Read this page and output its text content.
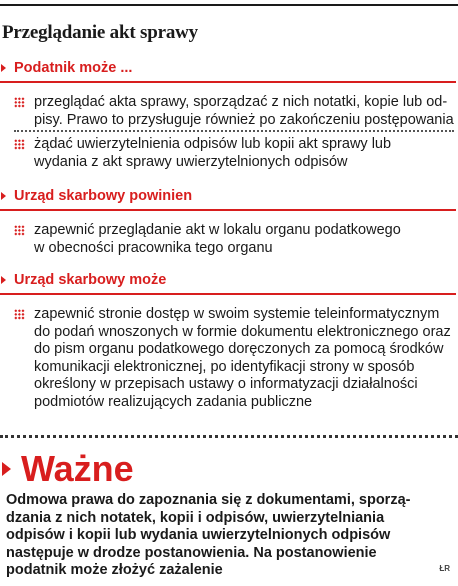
Przeglądanie akt sprawy
Podatnik może ...
przeglądać akta sprawy, sporządzać z nich notatki, kopie lub od-
pisy. Prawo to przysługuje również po zakończeniu postępowania
żądać uwierzytelnienia odpisów lub kopii akt sprawy lub
wydania z akt sprawy uwierzytelnionych odpisów
Urząd skarbowy powinien
zapewnić przeglądanie akt w lokalu organu podatkowego
w obecności pracownika tego organu
Urząd skarbowy może
zapewnić stronie dostęp w swoim systemie teleinformatycznym
do podań wnoszonych w formie dokumentu elektronicznego oraz
do pism organu podatkowego doręczonych za pomocą środków
komunikacji elektronicznej, po identyfikacji strony w sposób
określony w przepisach ustawy o informatyzacji działalności
podmiotów realizujących zadania publiczne
Ważne
Odmowa prawa do zapoznania się z dokumentami, sporzą-
dzania z nich notatek, kopii i odpisów, uwierzytelniania
odpisów i kopii lub wydania uwierzytelnionych odpisów
następuje w drodze postanowienia. Na postanowienie
podatnik może złożyć zażalenie	ŁR
